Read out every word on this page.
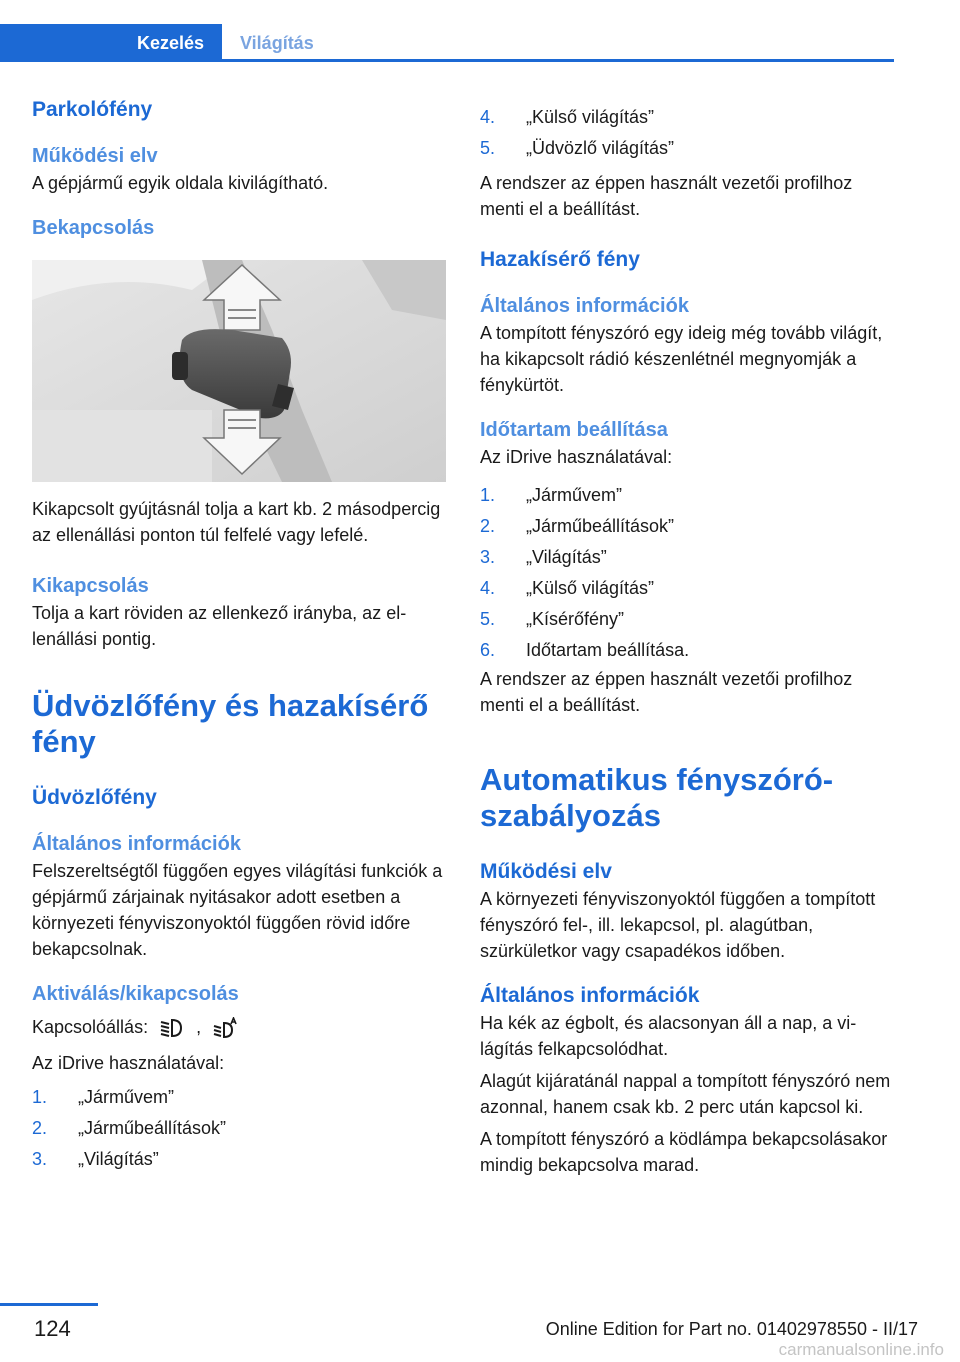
Kezelés	Világítás
Parkolófény
Működési elv
A gépjármű egyik oldala kivilágítható.
Bekapcsolás
Kikapcsolt gyújtásnál tolja a kart kb. 2 másodpercig az ellenállási ponton túl felfelé vagy lefelé.
Kikapcsolás
Tolja a kart röviden az ellenkező irányba, az ellenállási pontig.
Üdvözlőfény és hazakísérő fény
Üdvözlőfény
Általános információk
Felszereltségtől függően egyes világítási funkciók a gépjármű zárjainak nyitásakor adott esetben a környezeti fényviszonyoktól függően rövid időre bekapcsolnak.
Aktiválás/kikapcsolás
Kapcsolóállás:	,
Az iDrive használatával:
1.	„Járművem”
2.	„Járműbeállítások”
3.	„Világítás”
4.	„Külső világítás”
5.	„Üdvözlő világítás”
A rendszer az éppen használt vezetői profilhoz menti el a beállítást.
Hazakísérő fény
Általános információk
A tompított fényszóró egy ideig még tovább világít, ha kikapcsolt rádió készenlétnél megnyomják a fénykürtöt.
Időtartam beállítása
Az iDrive használatával:
1.	„Járművem”
2.	„Járműbeállítások”
3.	„Világítás”
4.	„Külső világítás”
5.	„Kísérőfény”
6.	Időtartam beállítása.
A rendszer az éppen használt vezetői profilhoz menti el a beállítást.
Automatikus fényszórószabályozás
Működési elv
A környezeti fényviszonyoktól függően a tompított fényszóró fel-, ill. lekapcsol, pl. alagútban, szürkületkor vagy csapadékos időben.
Általános információk
Ha kék az égbolt, és alacsonyan áll a nap, a világítás felkapcsolódhat.
Alagút kijáratánál nappal a tompított fényszóró nem azonnal, hanem csak kb. 2 perc után kapcsol ki.
A tompított fényszóró a ködlámpa bekapcsolásakor mindig bekapcsolva marad.
124	Online Edition for Part no. 01402978550 - II/17
carmanualsonline.info
